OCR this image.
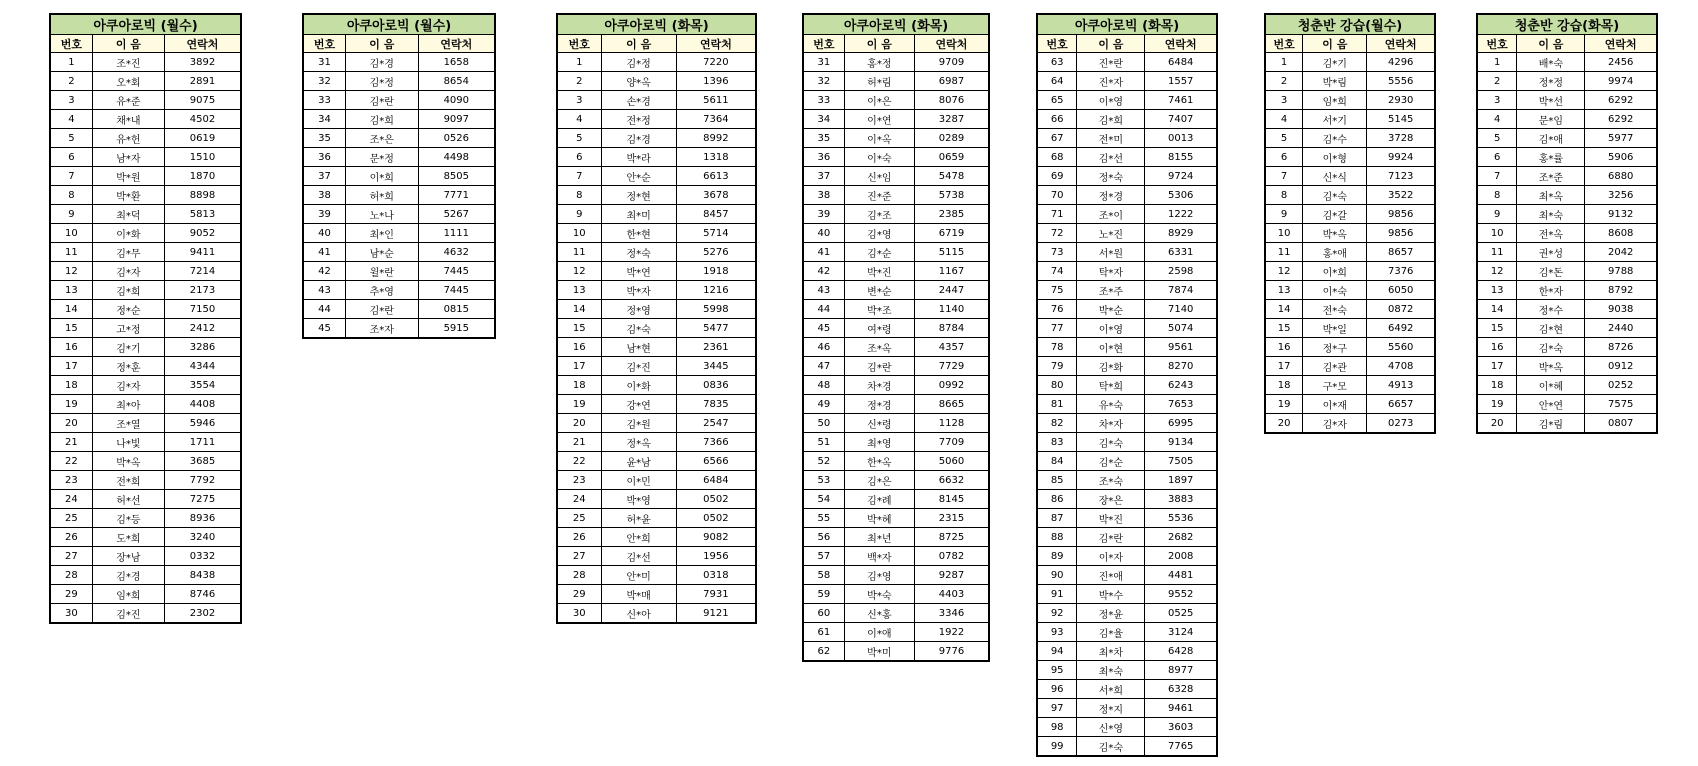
아쿠아로빅 (월수)		
번호	이 음	연락처
1	조*진	3892
2	오*회	2891
3	유*준	9075
4	채*내	4502
5	유*헌	0619
6	남*자	1510
7	박*원	1870
8	박*환	8898
9	최*덕	5813
10	이*화	9052
11	김*무	9411
12	김*자	7214
13	김*희	2173
14	정*순	7150
15	고*정	2412
16	김*기	3286
17	정*훈	4344
18	김*자	3554
19	최*아	4408
20	조*열	5946
21	나*빛	1711
22	박*옥	3685
23	전*희	7792
24	허*선	7275
25	김*등	8936
26	도*희	3240
27	장*남	0332
28	김*경	8438
29	임*희	8746
30	김*진	2302
아쿠아로빅 (월수)		
번호	이 음	연락처
31	김*경	1658
32	김*정	8654
33	김*란	4090
34	김*희	9097
35	조*은	0526
36	문*정	4498
37	이*희	8505
38	허*희	7771
39	노*나	5267
40	최*인	1111
41	남*순	4632
42	윌*란	7445
43	추*영	7445
44	김*란	0815
45	조*자	5915
아쿠아로빅 (화목)		
번호	이 음	연락처
1	김*정	7220
2	양*옥	1396
3	손*경	5611
4	전*정	7364
5	김*경	8992
6	박*라	1318
7	안*순	6613
8	정*현	3678
9	최*미	8457
10	한*현	5714
11	정*숙	5276
12	박*연	1918
13	박*자	1216
14	정*영	5998
15	김*숙	5477
16	남*현	2361
17	김*진	3445
18	이*화	0836
19	강*연	7835
20	김*원	2547
21	정*옥	7366
22	윤*남	6566
23	이*민	6484
24	박*영	0502
25	허*윤	0502
26	안*희	9082
27	김*선	1956
28	안*미	0318
29	박*매	7931
30	신*아	9121
아쿠아로빅 (화목)		
번호	이 음	연락처
31	홍*정	9709
32	허*림	6987
33	이*은	8076
34	이*연	3287
35	이*옥	0289
36	이*숙	0659
37	신*임	5478
38	진*준	5738
39	김*조	2385
40	김*영	6719
41	김*순	5115
42	박*진	1167
43	변*순	2447
44	박*조	1140
45	여*령	8784
46	조*옥	4357
47	김*란	7729
48	차*경	0992
49	정*경	8665
50	신*령	1128
51	최*영	7709
52	한*옥	5060
53	김*은	6632
54	김*례	8145
55	박*혜	2315
56	최*년	8725
57	백*자	0782
58	김*영	9287
59	박*숙	4403
60	신*홍	3346
61	이*애	1922
62	박*미	9776
아쿠아로빅 (화목)		
번호	이 음	연락처
63	진*란	6484
64	진*자	1557
65	이*영	7461
66	김*희	7407
67	전*미	0013
68	김*선	8155
69	정*숙	9724
70	정*경	5306
71	조*이	1222
72	노*진	8929
73	서*원	6331
74	탁*자	2598
75	조*주	7874
76	박*순	7140
77	이*영	5074
78	이*현	9561
79	김*화	8270
80	탁*희	6243
81	유*숙	7653
82	차*자	6995
83	김*숙	9134
84	김*순	7505
85	조*숙	1897
86	장*은	3883
87	박*진	5536
88	김*란	2682
89	이*자	2008
90	진*애	4481
91	박*수	9552
92	정*윤	0525
93	김*율	3124
94	최*차	6428
95	최*숙	8977
96	서*희	6328
97	정*지	9461
98	신*영	3603
99	김*숙	7765
청춘반 강습(월수)		
번호	이 음	연락처
1	김*기	4296
2	박*림	5556
3	임*희	2930
4	서*기	5145
5	김*수	3728
6	이*형	9924
7	신*식	7123
8	김*숙	3522
9	김*갈	9856
10	박*옥	9856
11	홍*애	8657
12	이*희	7376
13	이*숙	6050
14	전*숙	0872
15	박*일	6492
16	정*구	5560
17	김*관	4708
18	구*모	4913
19	이*재	6657
20	김*자	0273
청춘반 강습(화목)		
번호	이 음	연락처
1	배*숙	2456
2	정*정	9974
3	박*선	6292
4	문*임	6292
5	김*애	5977
6	홍*률	5906
7	조*준	6880
8	최*옥	3256
9	최*숙	9132
10	전*옥	8608
11	권*성	2042
12	김*돈	9788
13	한*자	8792
14	정*수	9038
15	김*현	2440
16	김*숙	8726
17	박*옥	0912
18	이*혜	0252
19	안*연	7575
20	김*림	0807
